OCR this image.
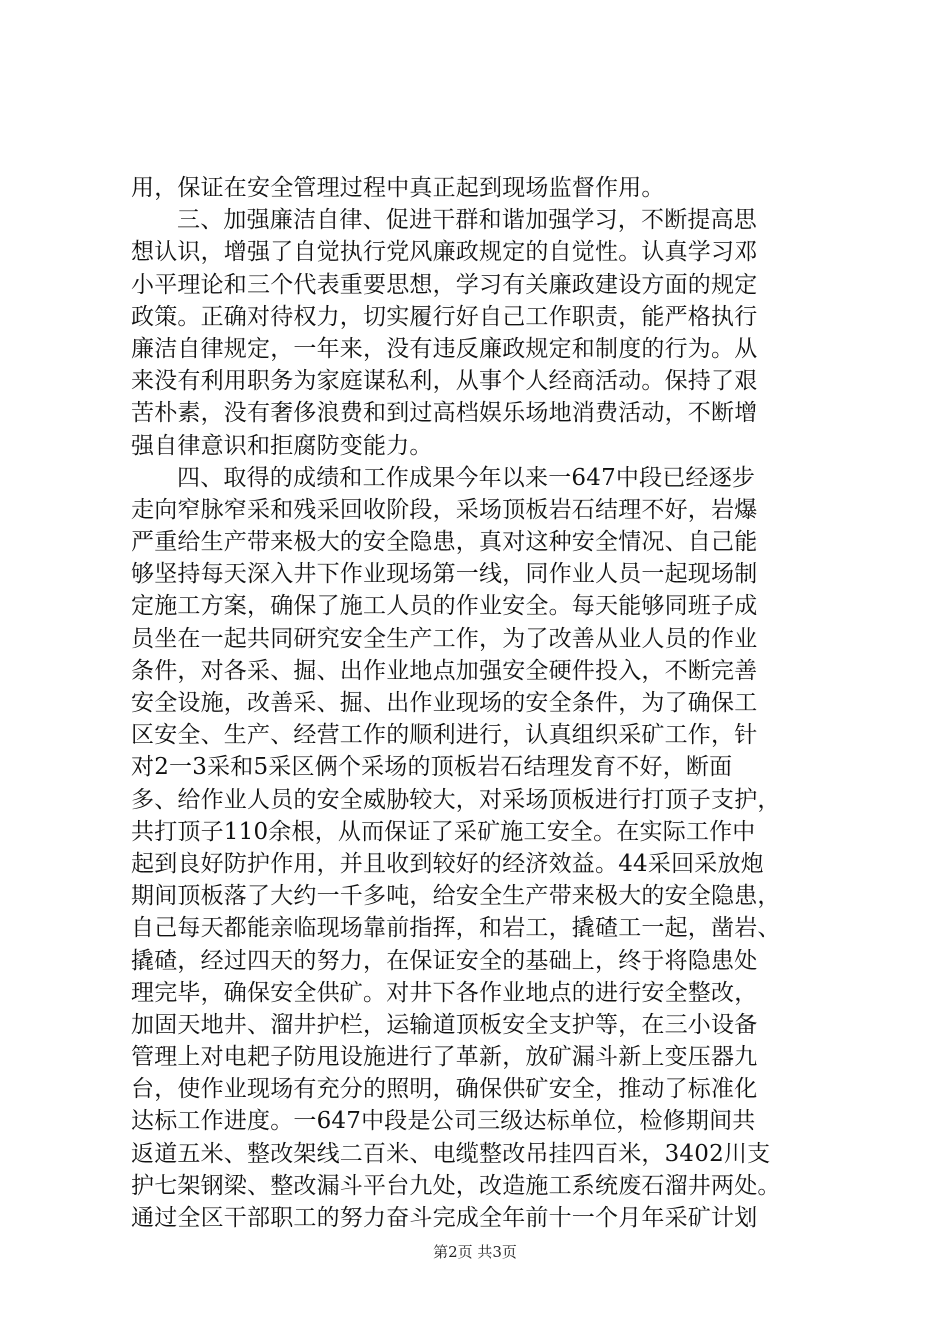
用，保证在安全管理过程中真正起到现场监督作用。
三、加强廉洁自律、促进干群和谐加强学习，不断提高思
想认识，增强了自觉执行党风廉政规定的自觉性。认真学习邓
小平理论和三个代表重要思想，学习有关廉政建设方面的规定
政策。正确对待权力，切实履行好自己工作职责，能严格执行
廉洁自律规定，一年来，没有违反廉政规定和制度的行为。从
来没有利用职务为家庭谋私利，从事个人经商活动。保持了艰
苦朴素，没有奢侈浪费和到过高档娱乐场地消费活动，不断增
强自律意识和拒腐防变能力。
四、取得的成绩和工作成果今年以来一647中段已经逐步
走向窄脉窄采和残采回收阶段，采场顶板岩石结理不好，岩爆
严重给生产带来极大的安全隐患，真对这种安全情况、自己能
够坚持每天深入井下作业现场第一线，同作业人员一起现场制
定施工方案，确保了施工人员的作业安全。每天能够同班子成
员坐在一起共同研究安全生产工作，为了改善从业人员的作业
条件，对各采、掘、出作业地点加强安全硬件投入，不断完善
安全设施，改善采、掘、出作业现场的安全条件，为了确保工
区安全、生产、经营工作的顺利进行，认真组织采矿工作，针
对2一3采和5采区俩个采场的顶板岩石结理发育不好，断面
多、给作业人员的安全威胁较大，对采场顶板进行打顶子支护，
共打顶子110余根，从而保证了采矿施工安全。在实际工作中
起到良好防护作用，并且收到较好的经济效益。44采回采放炮
期间顶板落了大约一千多吨，给安全生产带来极大的安全隐患，
自己每天都能亲临现场靠前指挥，和岩工，撬碴工一起，凿岩、
撬碴，经过四天的努力，在保证安全的基础上，终于将隐患处
理完毕，确保安全供矿。对井下各作业地点的进行安全整改，
加固天地井、溜井护栏，运输道顶板安全支护等，在三小设备
管理上对电耙子防甩设施进行了革新，放矿漏斗新上变压器九
台，使作业现场有充分的照明，确保供矿安全，推动了标准化
达标工作进度。一647中段是公司三级达标单位，检修期间共
返道五米、整改架线二百米、电缆整改吊挂四百米，3402川支
护七架钢梁、整改漏斗平台九处，改造施工系统废石溜井两处。
通过全区干部职工的努力奋斗完成全年前十一个月年采矿计划
第2页 共3页
